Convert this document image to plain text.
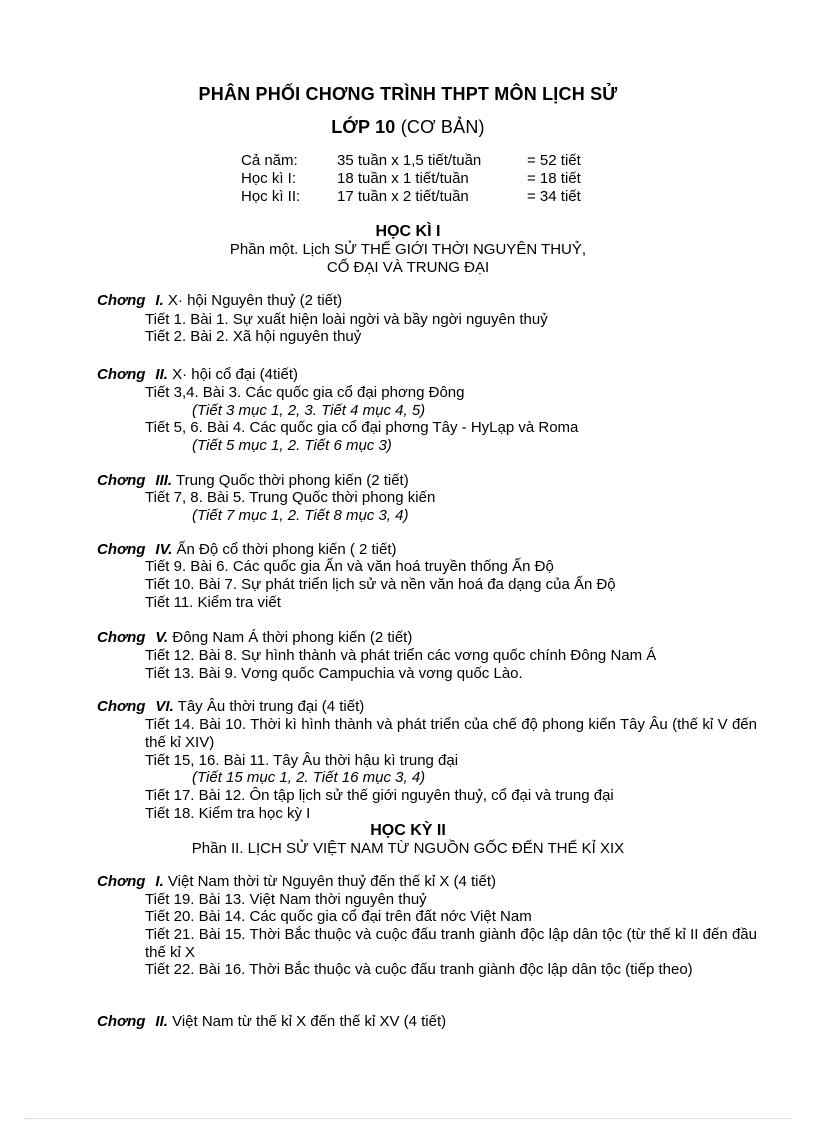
PHÂN PHỐI CHƠNG TRÌNH THPT MÔN LỊCH SỬ
LỚP 10 (CƠ BẢN)
Cả năm:	35 tuần x 1,5 tiết/tuần	= 52 tiết
Học kì I:	18 tuần x 1 tiết/tuần	= 18 tiết
Học kì II:	17 tuần x 2 tiết/tuần	= 34 tiết
HỌC KÌ I
Phần một. Lịch SỬ THẾ GIỚI THỜI NGUYÊN THUỶ,
CỔ ĐẠI VÀ TRUNG ĐẠI
Chơng I. X· hội Nguyên thuỷ (2 tiết)
Tiết 1. Bài 1. Sự xuất hiện loài ngời và bầy ngời nguyên thuỷ
Tiết 2. Bài 2. Xã hội nguyên thuỷ
Chơng II. X· hội cổ đại (4tiết)
Tiết 3,4. Bài 3. Các quốc gia cổ đại phơng Đông
(Tiết 3 mục 1, 2, 3. Tiết 4 mục 4, 5)
Tiết 5, 6. Bài 4. Các quốc gia cổ đại phơng Tây - HyLạp và Roma
(Tiết 5 mục 1, 2. Tiết 6 mục 3)
Chơng III. Trung Quốc thời phong kiến (2 tiết)
Tiết 7, 8. Bài 5. Trung Quốc thời phong kiến
(Tiết 7 mục 1, 2. Tiết 8 mục 3, 4)
Chơng IV. Ấn Độ cổ thời phong kiến ( 2 tiết)
Tiết 9. Bài 6. Các quốc gia Ấn và văn hoá truyền thống Ấn Độ
Tiết 10. Bài 7. Sự phát triển lịch sử và nền văn hoá đa dạng của Ấn Độ
Tiết 11. Kiểm tra viết
Chơng V. Đông Nam Á thời phong kiến (2 tiết)
Tiết 12. Bài 8. Sự hình thành và phát triển các vơng quốc chính Đông Nam Á
Tiết 13. Bài 9. Vơng quốc Campuchia và vơng quốc Lào.
Chơng VI. Tây Âu thời trung đại (4 tiết)
Tiết 14. Bài 10. Thời kì hình thành và phát triển của chế độ phong kiến Tây Âu (thế kỉ V đến thế kỉ XIV)
Tiết 15, 16. Bài 11. Tây Âu thời hậu kì trung đại
(Tiết 15 mục 1, 2. Tiết 16 mục 3, 4)
Tiết 17. Bài 12. Ôn tập lịch sử thế giới nguyên thuỷ, cổ đại và trung đại
Tiết 18. Kiểm tra học kỳ I
HỌC KỲ II
Phần II. LỊCH SỬ VIỆT NAM TỪ NGUỒN GỐC ĐẾN THẾ KỈ XIX
Chơng I. Việt Nam thời từ Nguyên thuỷ đến thế kỉ X (4 tiết)
Tiết 19. Bài 13. Việt Nam thời nguyên thuỷ
Tiết 20. Bài 14. Các quốc gia cổ đại trên đất nớc Việt Nam
Tiết 21. Bài 15. Thời Bắc thuộc và cuộc đấu tranh giành độc lập dân tộc (từ thế kỉ II đến đầu thế kỉ X
Tiết 22. Bài 16. Thời Bắc thuộc và cuộc đấu tranh giành độc lập dân tộc (tiếp theo)
Chơng II. Việt Nam từ thế kỉ X đến thế kỉ XV (4 tiết)
